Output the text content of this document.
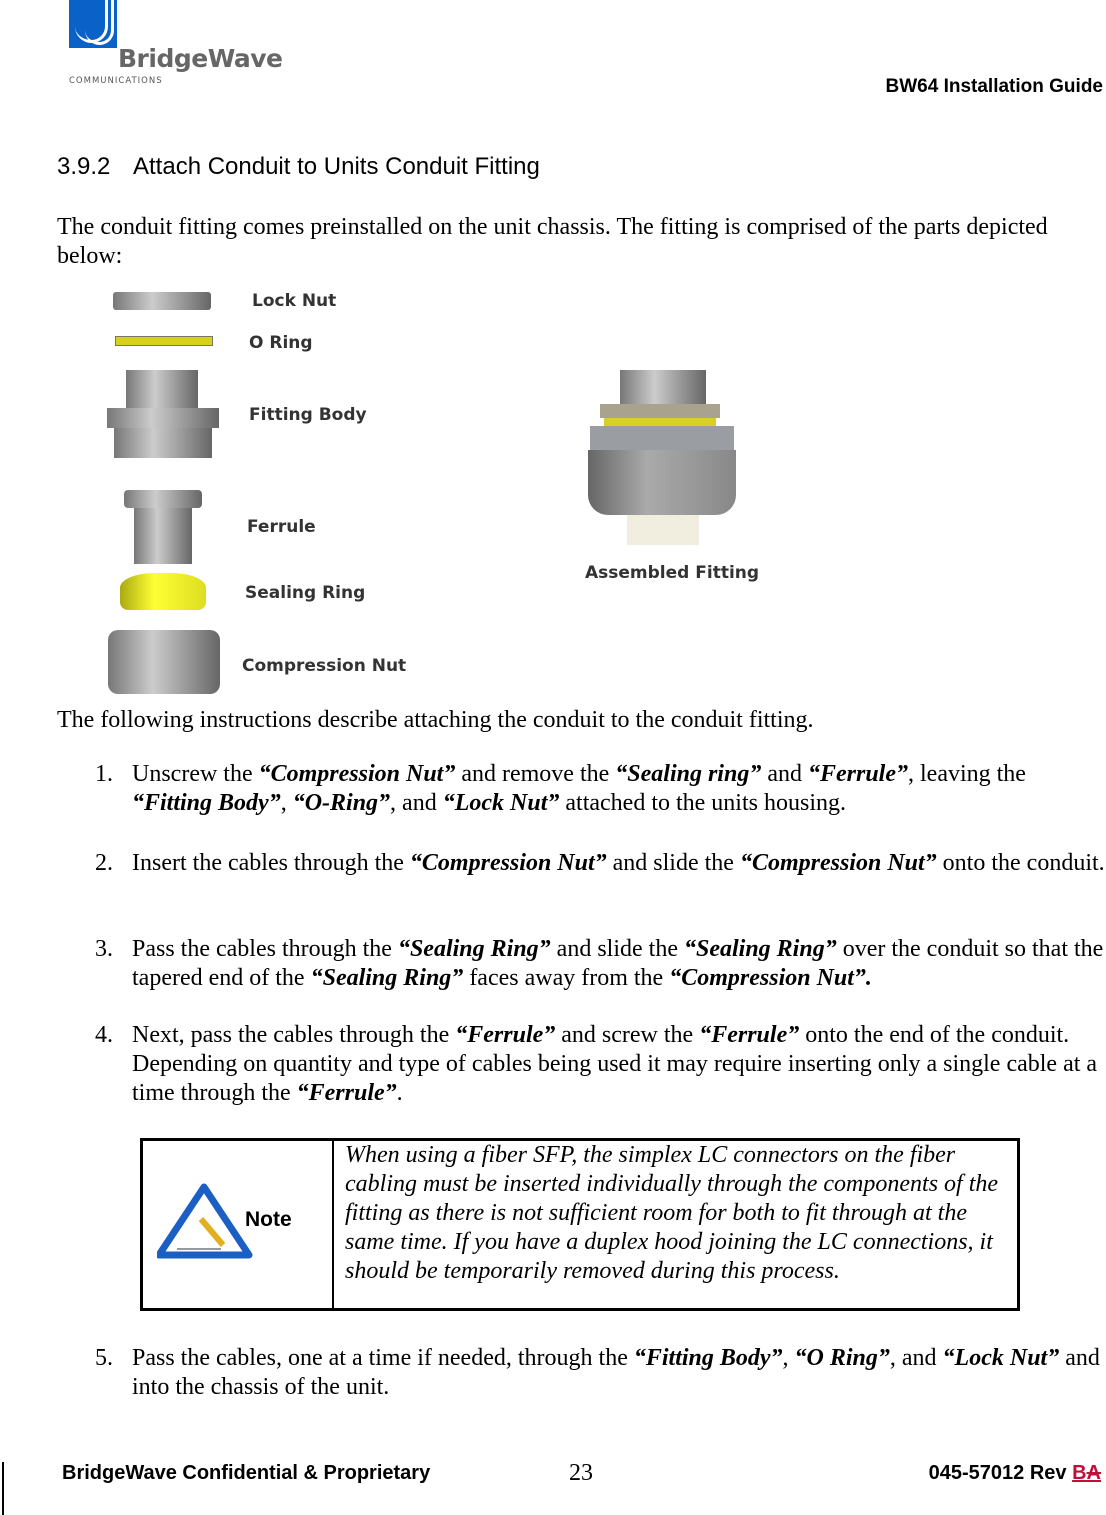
BridgeWave
COMMUNICATIONS	BW64 Installation Guide
3.9.2 Attach Conduit to Units Conduit Fitting
The conduit fitting comes preinstalled on the unit chassis. The fitting is comprised of the parts depicted below:
Lock Nut
O Ring
Fitting Body
Ferrule
Sealing Ring
Compression Nut
Assembled Fitting
The following instructions describe attaching the conduit to the conduit fitting.
1. Unscrew the “Compression Nut” and remove the “Sealing ring” and “Ferrule”, leaving the “Fitting Body”, “O-Ring”, and “Lock Nut” attached to the units housing.
2. Insert the cables through the “Compression Nut” and slide the “Compression Nut” onto the conduit.
3. Pass the cables through the “Sealing Ring” and slide the “Sealing Ring” over the conduit so that the tapered end of the “Sealing Ring” faces away from the “Compression Nut”.
4. Next, pass the cables through the “Ferrule” and screw the “Ferrule” onto the end of the conduit. Depending on quantity and type of cables being used it may require inserting only a single cable at a time through the “Ferrule”.
5. Pass the cables, one at a time if needed, through the “Fitting Body”, “O Ring”, and “Lock Nut” and into the chassis of the unit.
Note
When using a fiber SFP, the simplex LC connectors on the fiber cabling must be inserted individually through the components of the fitting as there is not sufficient room for both to fit through at the same time. If you have a duplex hood joining the LC connections, it should be temporarily removed during this process.
BridgeWave Confidential & Proprietary	23	045-57012 Rev BA
